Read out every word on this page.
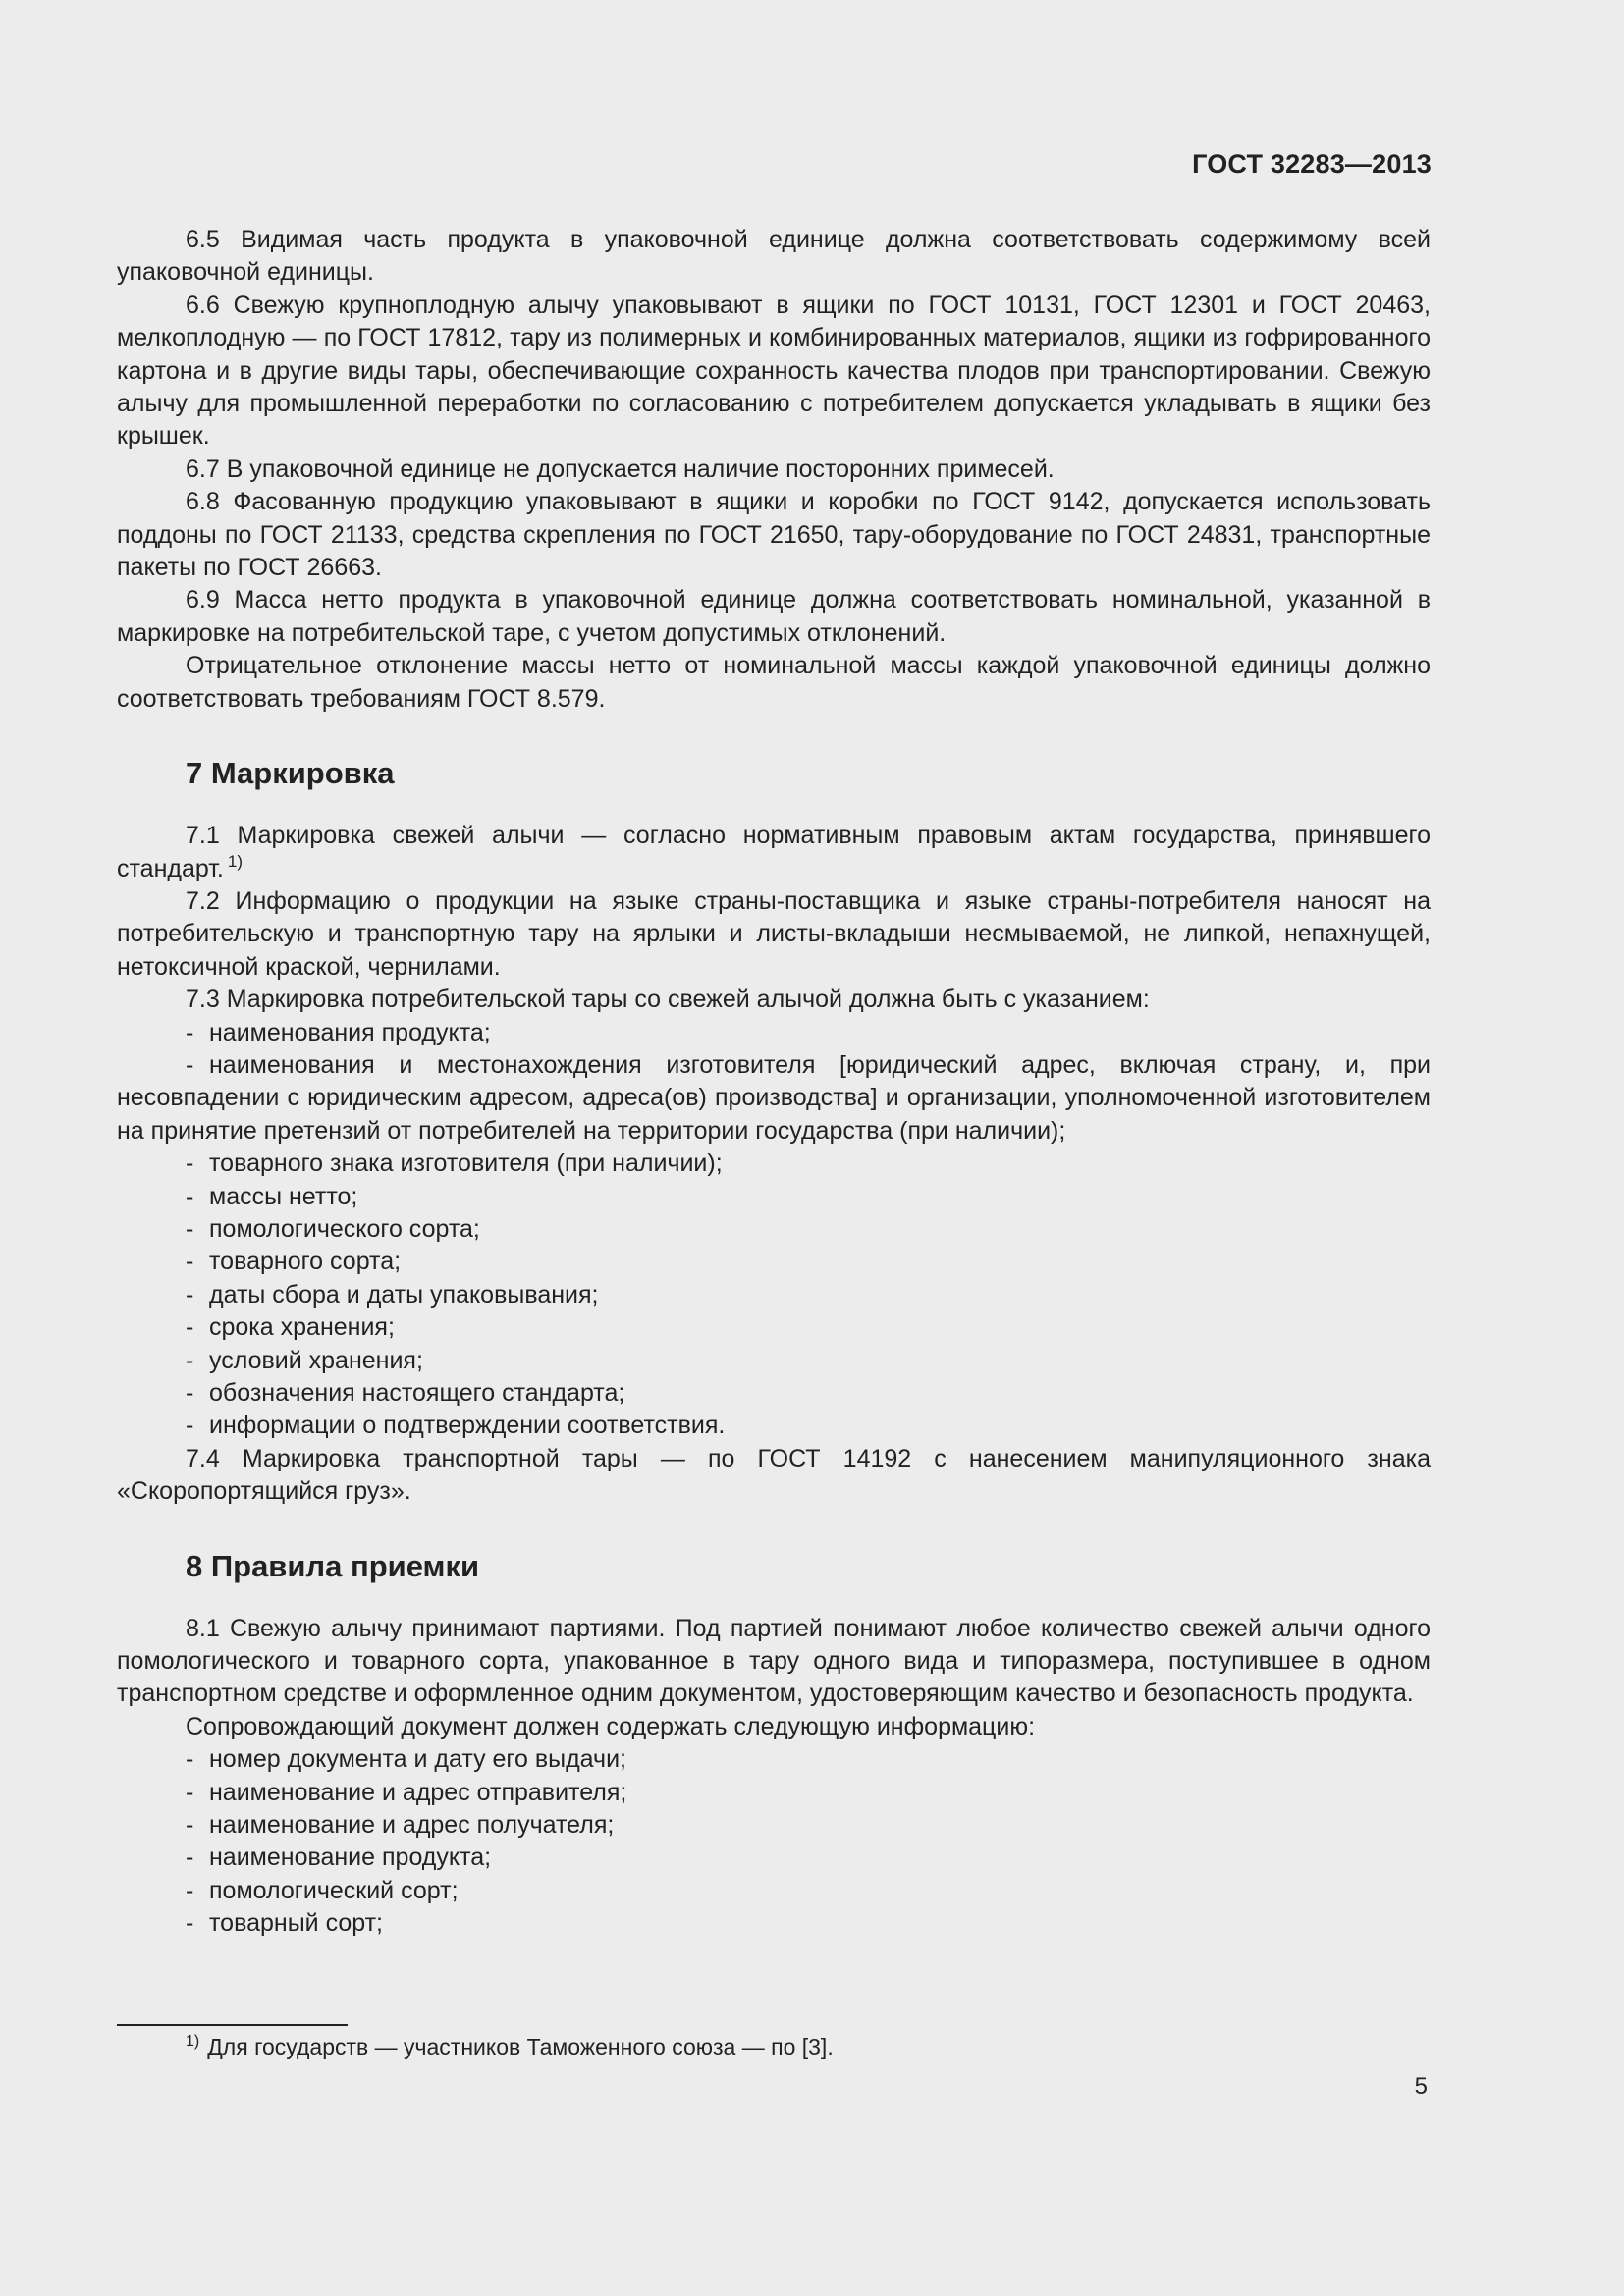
ГОСТ 32283—2013

6.5 Видимая часть продукта в упаковочной единице должна соответствовать содержимому всей упаковочной единицы.

6.6 Свежую крупноплодную алычу упаковывают в ящики по ГОСТ 10131, ГОСТ 12301 и ГОСТ 20463, мелкоплодную — по ГОСТ 17812, тару из полимерных и комбинированных материалов, ящики из гофрированного картона и в другие виды тары, обеспечивающие сохранность качества плодов при транспортировании. Свежую алычу для промышленной переработки по согласованию с потребителем допускается укладывать в ящики без крышек.

6.7 В упаковочной единице не допускается наличие посторонних примесей.

6.8 Фасованную продукцию упаковывают в ящики и коробки по ГОСТ 9142, допускается использовать поддоны по ГОСТ 21133, средства скрепления по ГОСТ 21650, тару-оборудование по ГОСТ 24831, транспортные пакеты по ГОСТ 26663.

6.9 Масса нетто продукта в упаковочной единице должна соответствовать номинальной, указанной в маркировке на потребительской таре, с учетом допустимых отклонений.

Отрицательное отклонение массы нетто от номинальной массы каждой упаковочной единицы должно соответствовать требованиям ГОСТ 8.579.

7 Маркировка

7.1 Маркировка свежей алычи — согласно нормативным правовым актам государства, принявшего стандарт. $^{1)}$

7.2 Информацию о продукции на языке страны-поставщика и языке страны-потребителя наносят на потребительскую и транспортную тару на ярлыки и листы-вкладыши несмываемой, не липкой, непахнущей, нетоксичной краской, чернилами.

7.3 Маркировка потребительской тары со свежей алычой должна быть с указанием:

- наименования продукта;

- наименования и местонахождения изготовителя [юридический адрес, включая страну, и, при несовпадении с юридическим адресом, адреса(ов) производства] и организации, уполномоченной изготовителем на принятие претензий от потребителей на территории государства (при наличии);

- товарного знака изготовителя (при наличии);

- массы нетто;

- помологического сорта;

- товарного сорта;

- даты сбора и даты упаковывания;

- срока хранения;

- условий хранения;

- обозначения настоящего стандарта;

- информации о подтверждении соответствия.

7.4 Маркировка транспортной тары — по ГОСТ 14192 с нанесением манипуляционного знака «Скоропортящийся груз».

8 Правила приемки

8.1 Свежую алычу принимают партиями. Под партией понимают любое количество свежей алычи одного помологического и товарного сорта, упакованное в тару одного вида и типоразмера, поступившее в одном транспортном средстве и оформленное одним документом, удостоверяющим качество и безопасность продукта.

Сопровождающий документ должен содержать следующую информацию:

- номер документа и дату его выдачи;

- наименование и адрес отправителя;

- наименование и адрес получателя;

- наименование продукта;

- помологический сорт;

- товарный сорт;

$^{1)}$ Для государств — участников Таможенного союза — по [3].
5
